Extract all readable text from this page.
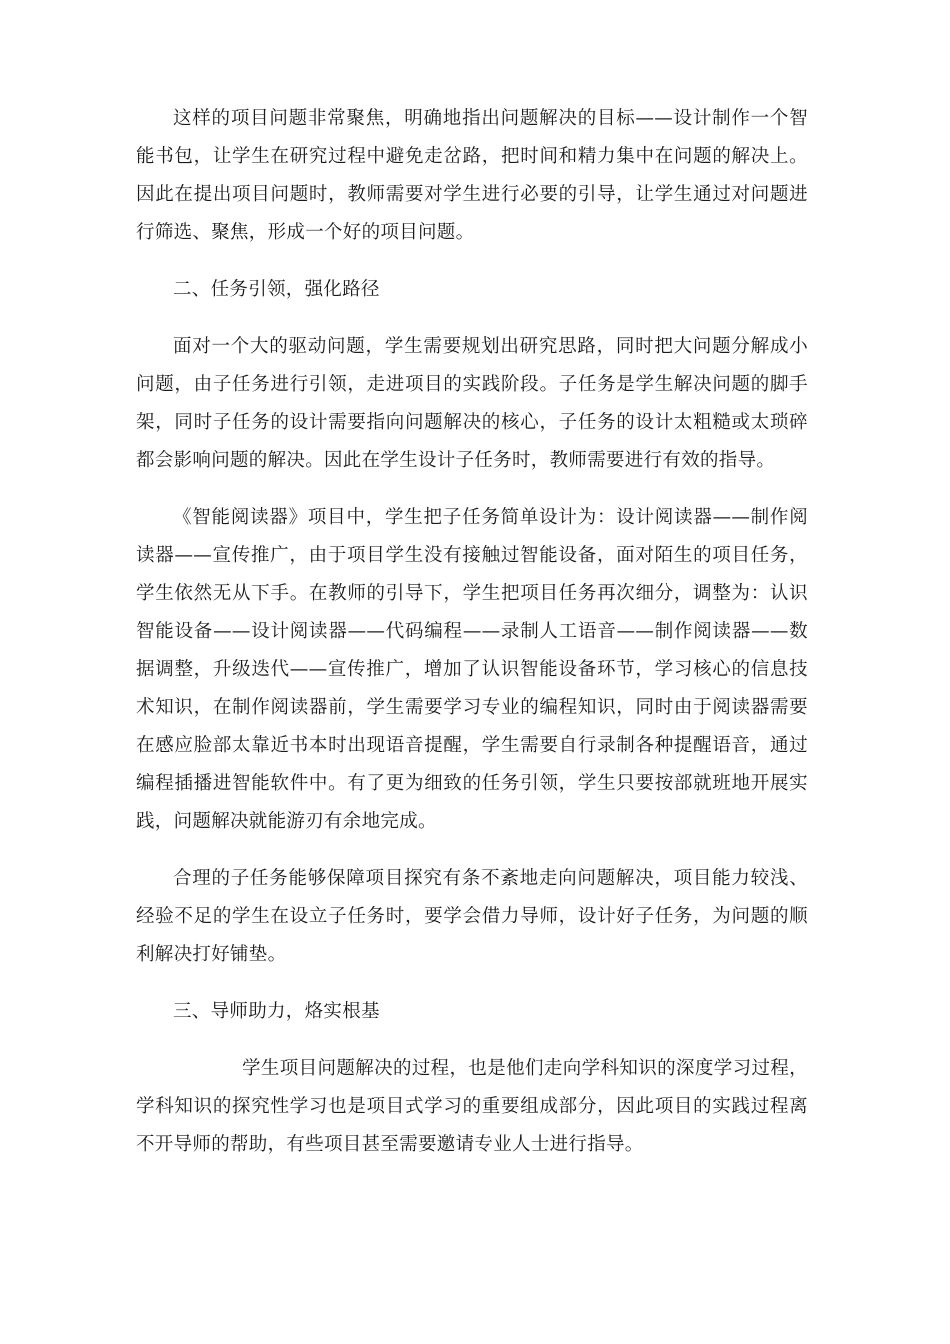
这样的项目问题非常聚焦，明确地指出问题解决的目标——设计制作一个智能书包，让学生在研究过程中避免走岔路，把时间和精力集中在问题的解决上。因此在提出项目问题时，教师需要对学生进行必要的引导，让学生通过对问题进行筛选、聚焦，形成一个好的项目问题。

二、任务引领，强化路径

面对一个大的驱动问题，学生需要规划出研究思路，同时把大问题分解成小问题，由子任务进行引领，走进项目的实践阶段。子任务是学生解决问题的脚手架，同时子任务的设计需要指向问题解决的核心，子任务的设计太粗糙或太琐碎都会影响问题的解决。因此在学生设计子任务时，教师需要进行有效的指导。

《智能阅读器》项目中，学生把子任务简单设计为：设计阅读器——制作阅读器——宣传推广，由于项目学生没有接触过智能设备，面对陌生的项目任务，学生依然无从下手。在教师的引导下，学生把项目任务再次细分，调整为：认识智能设备——设计阅读器——代码编程——录制人工语音——制作阅读器——数据调整，升级迭代——宣传推广，增加了认识智能设备环节，学习核心的信息技术知识，在制作阅读器前，学生需要学习专业的编程知识，同时由于阅读器需要在感应脸部太靠近书本时出现语音提醒，学生需要自行录制各种提醒语音，通过编程插播进智能软件中。有了更为细致的任务引领，学生只要按部就班地开展实践，问题解决就能游刃有余地完成。

合理的子任务能够保障项目探究有条不紊地走向问题解决，项目能力较浅、经验不足的学生在设立子任务时，要学会借力导师，设计好子任务，为问题的顺利解决打好铺垫。

三、导师助力，烙实根基

学生项目问题解决的过程，也是他们走向学科知识的深度学习过程，学科知识的探究性学习也是项目式学习的重要组成部分，因此项目的实践过程离不开导师的帮助，有些项目甚至需要邀请专业人士进行指导。
